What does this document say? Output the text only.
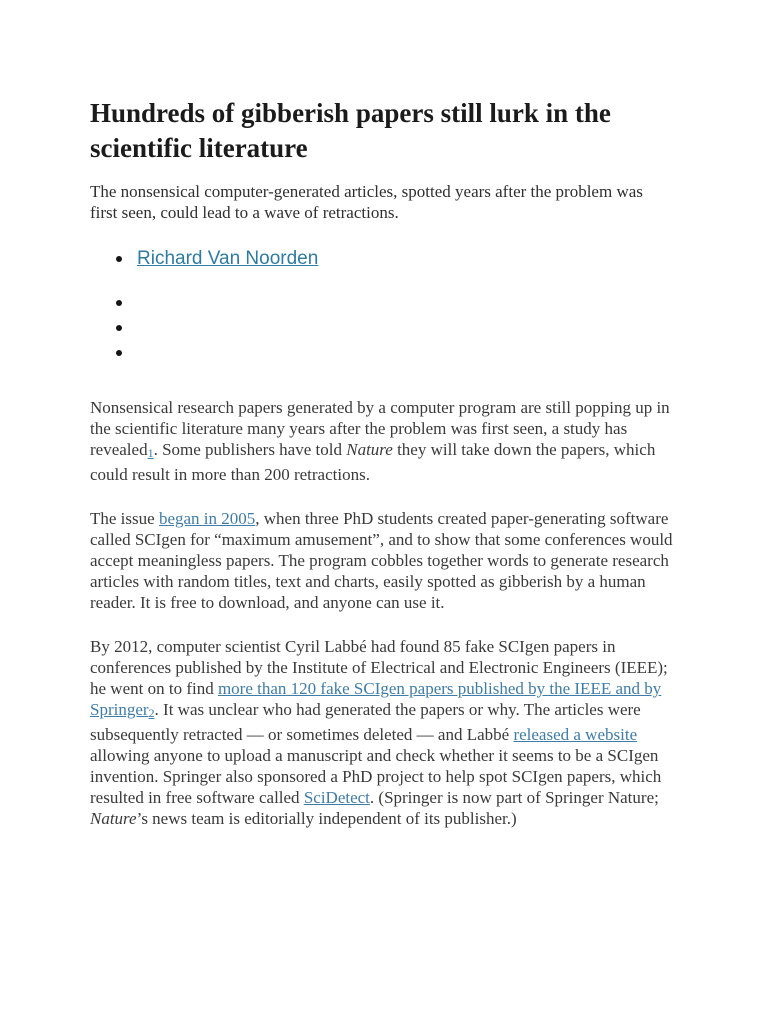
Hundreds of gibberish papers still lurk in the scientific literature

The nonsensical computer-generated articles, spotted years after the problem was first seen, could lead to a wave of retractions.

Richard Van Noorden

Nonsensical research papers generated by a computer program are still popping up in the scientific literature many years after the problem was first seen, a study has revealed1. Some publishers have told Nature they will take down the papers, which could result in more than 200 retractions.

The issue began in 2005, when three PhD students created paper-generating software called SCIgen for “maximum amusement”, and to show that some conferences would accept meaningless papers. The program cobbles together words to generate research articles with random titles, text and charts, easily spotted as gibberish by a human reader. It is free to download, and anyone can use it.

By 2012, computer scientist Cyril Labbé had found 85 fake SCIgen papers in conferences published by the Institute of Electrical and Electronic Engineers (IEEE); he went on to find more than 120 fake SCIgen papers published by the IEEE and by Springer2. It was unclear who had generated the papers or why. The articles were subsequently retracted — or sometimes deleted — and Labbé released a website allowing anyone to upload a manuscript and check whether it seems to be a SCIgen invention. Springer also sponsored a PhD project to help spot SCIgen papers, which resulted in free software called SciDetect. (Springer is now part of Springer Nature; Nature’s news team is editorially independent of its publisher.)
